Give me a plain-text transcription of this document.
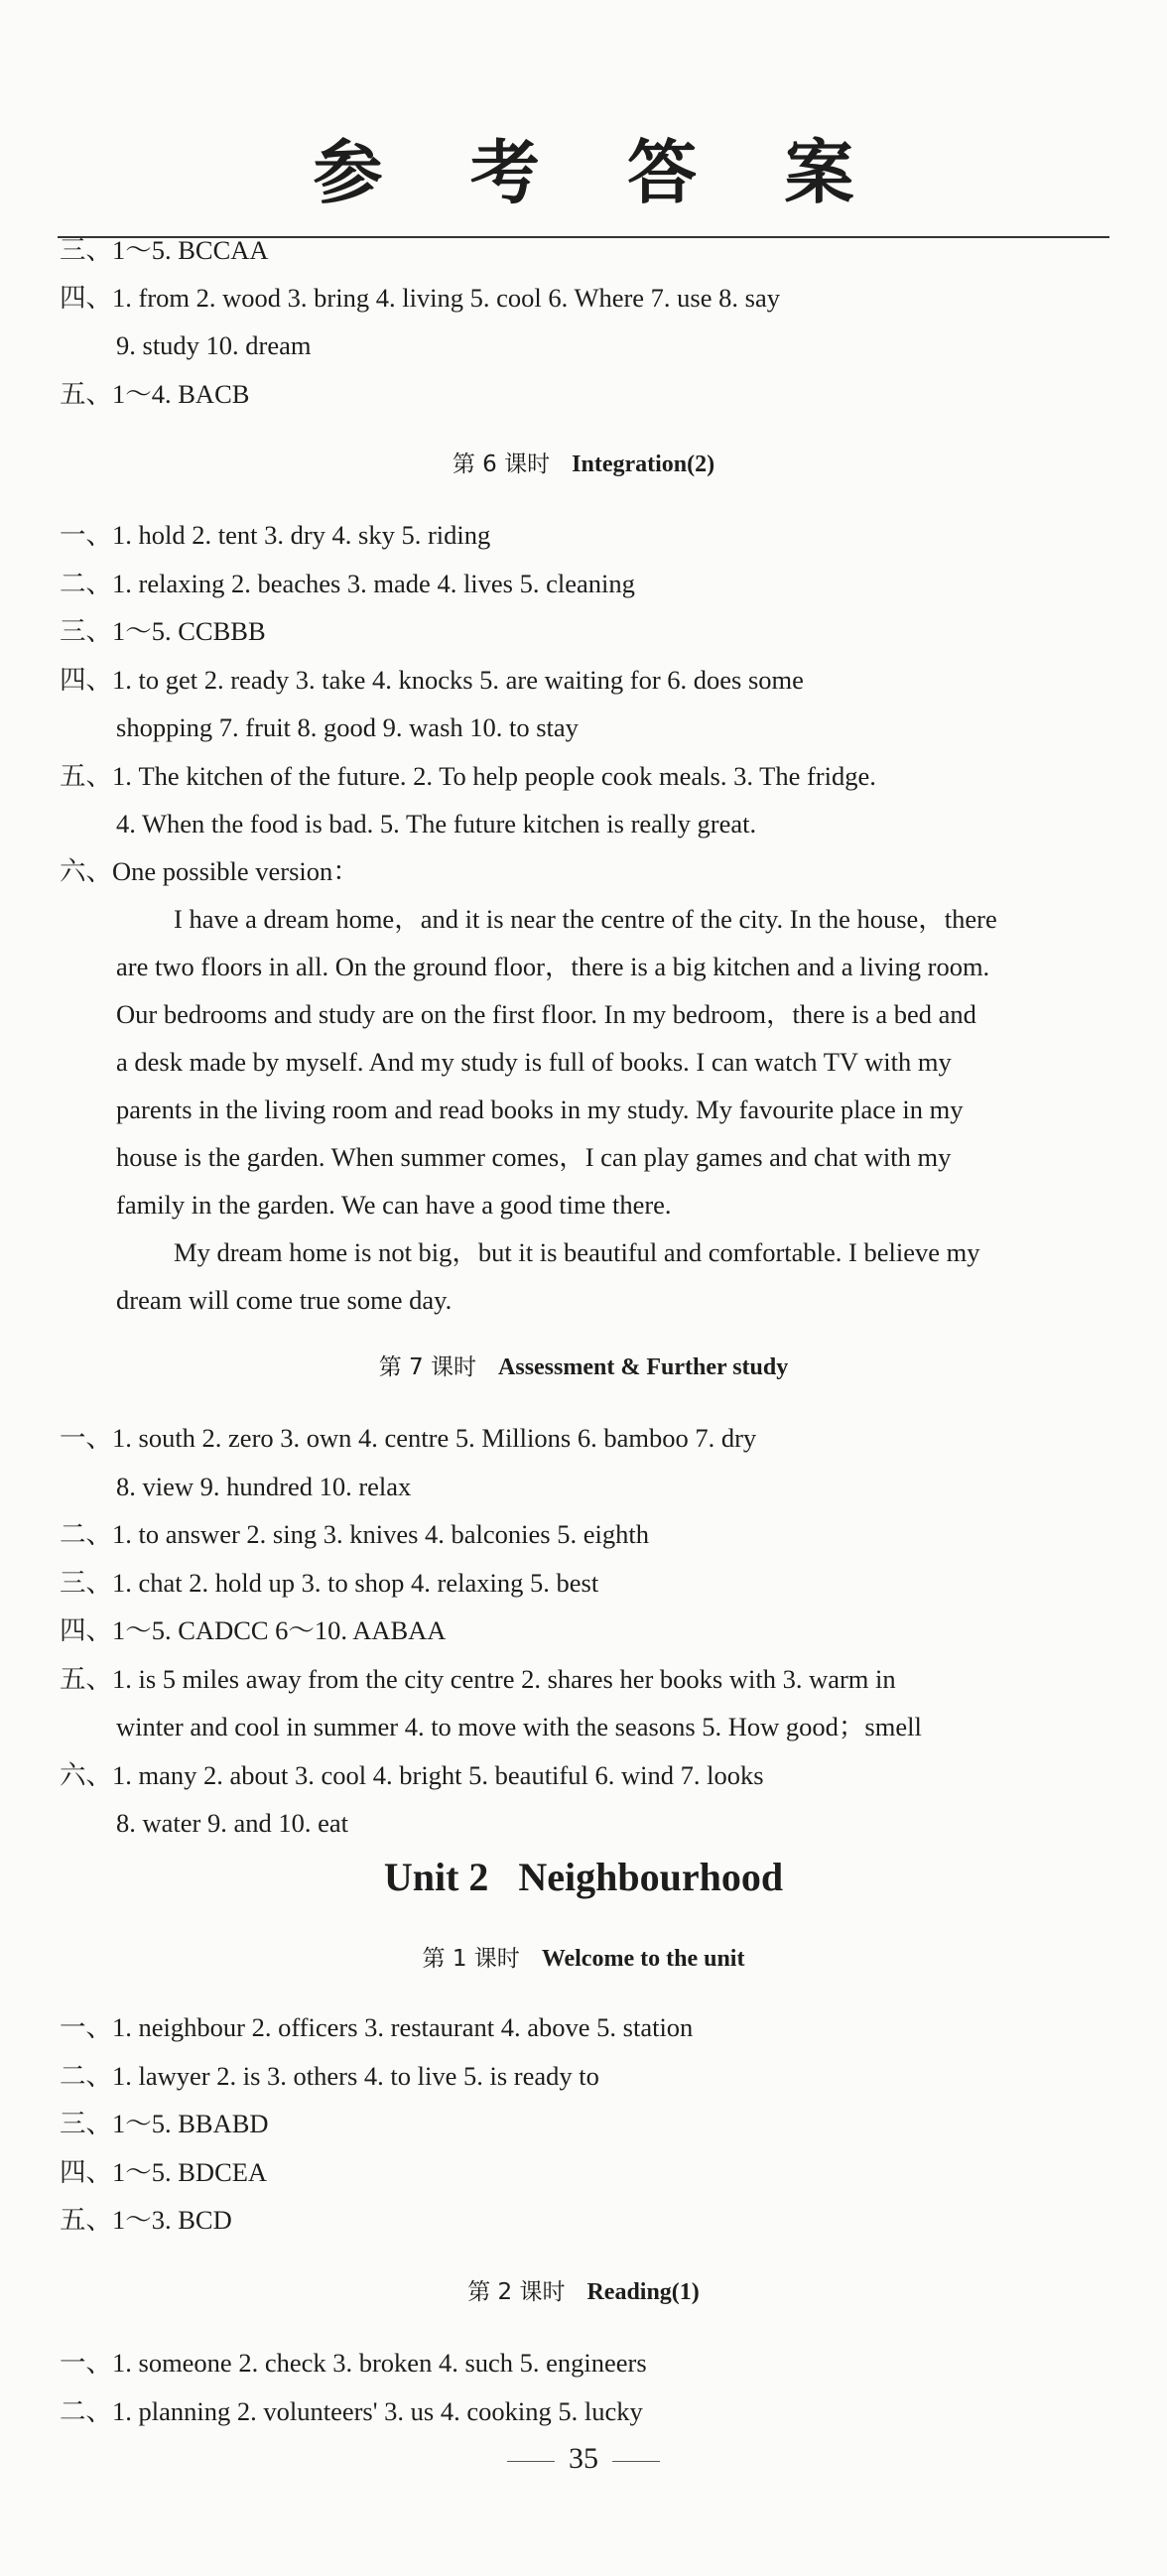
参 考 答 案
三、1～5. BCCAA
四、1. from 2. wood 3. bring 4. living 5. cool 6. Where 7. use 8. say
9. study 10. dream
五、1～4. BACB
第 6 课时 Integration(2)
一、1. hold 2. tent 3. dry 4. sky 5. riding
二、1. relaxing 2. beaches 3. made 4. lives 5. cleaning
三、1～5. CCBBB
四、1. to get 2. ready 3. take 4. knocks 5. are waiting for 6. does some
shopping 7. fruit 8. good 9. wash 10. to stay
五、1. The kitchen of the future. 2. To help people cook meals. 3. The fridge.
4. When the food is bad. 5. The future kitchen is really great.
六、One possible version：
I have a dream home，and it is near the centre of the city. In the house，there
are two floors in all. On the ground floor，there is a big kitchen and a living room.
Our bedrooms and study are on the first floor. In my bedroom，there is a bed and
a desk made by myself. And my study is full of books. I can watch TV with my
parents in the living room and read books in my study. My favourite place in my
house is the garden. When summer comes，I can play games and chat with my
family in the garden. We can have a good time there.
My dream home is not big，but it is beautiful and comfortable. I believe my
dream will come true some day.
第 7 课时 Assessment & Further study
一、1. south 2. zero 3. own 4. centre 5. Millions 6. bamboo 7. dry
8. view 9. hundred 10. relax
二、1. to answer 2. sing 3. knives 4. balconies 5. eighth
三、1. chat 2. hold up 3. to shop 4. relaxing 5. best
四、1～5. CADCC 6～10. AABAA
五、1. is 5 miles away from the city centre 2. shares her books with 3. warm in
winter and cool in summer 4. to move with the seasons 5. How good；smell
六、1. many 2. about 3. cool 4. bright 5. beautiful 6. wind 7. looks
8. water 9. and 10. eat
Unit 2 Neighbourhood
第 1 课时 Welcome to the unit
一、1. neighbour 2. officers 3. restaurant 4. above 5. station
二、1. lawyer 2. is 3. others 4. to live 5. is ready to
三、1～5. BBABD
四、1～5. BDCEA
五、1～3. BCD
第 2 课时 Reading(1)
一、1. someone 2. check 3. broken 4. such 5. engineers
二、1. planning 2. volunteers' 3. us 4. cooking 5. lucky
35
